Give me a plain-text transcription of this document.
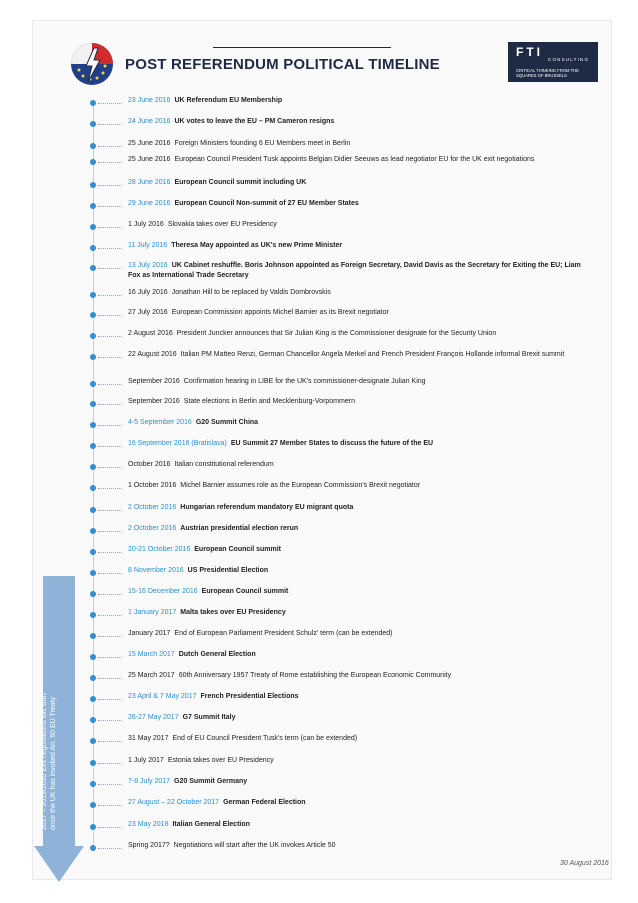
POST REFERENDUM POLITICAL TIMELINE
FTI
CONSULTING
CRITICAL THINKING FROM THE SQUARES OF BRUSSELS
23 June 2016 UK Referendum EU Membership
24 June 2016 UK votes to leave the EU – PM Cameron resigns
25 June 2016 Foreign Ministers founding 6 EU Members meet in Berlin
25 June 2016 European Council President Tusk appoints Belgian Didier Seeuws as lead negotiator EU for the UK exit negotiations
28 June 2016 European Council summit including UK
29 June 2016 European Council Non-summit of 27 EU Member States
1 July 2016 Slovakia takes over EU Presidency
11 July 2016 Theresa May appointed as UK's new Prime Minister
13 July 2016 UK Cabinet reshuffle. Boris Johnson appointed as Foreign Secretary, David Davis as the Secretary for Exiting the EU; Liam Fox as International Trade Secretary
16 July 2016 Jonathan Hill to be replaced by Valdis Dombrovskis
27 July 2016 European Commission appoints Michel Barnier as its Brexit negotiator
2 August 2016 President Juncker announces that Sir Julian King is the Commissioner designate for the Security Union
22 August 2016 Italian PM Matteo Renzi, German Chancellor Angela Merkel and French President François Hollande informal Brexit summit
September 2016 Confirmation hearing in LIBE for the UK's commissioner-designate Julian King
September 2016 State elections in Berlin and Mecklenburg-Vorpommern
4-5 September 2016 G20 Summit China
16 September 2016 (Bratislava) EU Summit 27 Member States to discuss the future of the EU
October 2016 Italian constitutional referendum
1 October 2016 Michel Barnier assumes role as the European Commission's Brexit negotiator
2 October 2016 Hungarian referendum mandatory EU migrant quota
2 October 2016 Austrian presidential election rerun
20-21 October 2016 European Council summit
8 November 2016 US Presidential Election
15-16 December 2016 European Council summit
1 January 2017 Malta takes over EU Presidency
January 2017 End of European Parliament President Schulz' term (can be extended)
15 March 2017 Dutch General Election
25 March 2017 60th Anniversary 1957 Treaty of Rome establishing the European Economic Community
23 April & 7 May 2017 French Presidential Elections
26-27 May 2017 G7 Summit Italy
31 May 2017 End of EU Council President Tusk's term (can be extended)
1 July 2017 Estonia takes over EU Presidency
7-8 July 2017 G20 Summit Germany
27 August – 22 October 2017 German Federal Election
23 May 2018 Italian General Election
Spring 2017? Negotiations will start after the UK invokes Article 50
2017 – 2019/2020 Exit negotiations will start once the UK has invoked Art. 50 EU Treaty
30 August 2016
